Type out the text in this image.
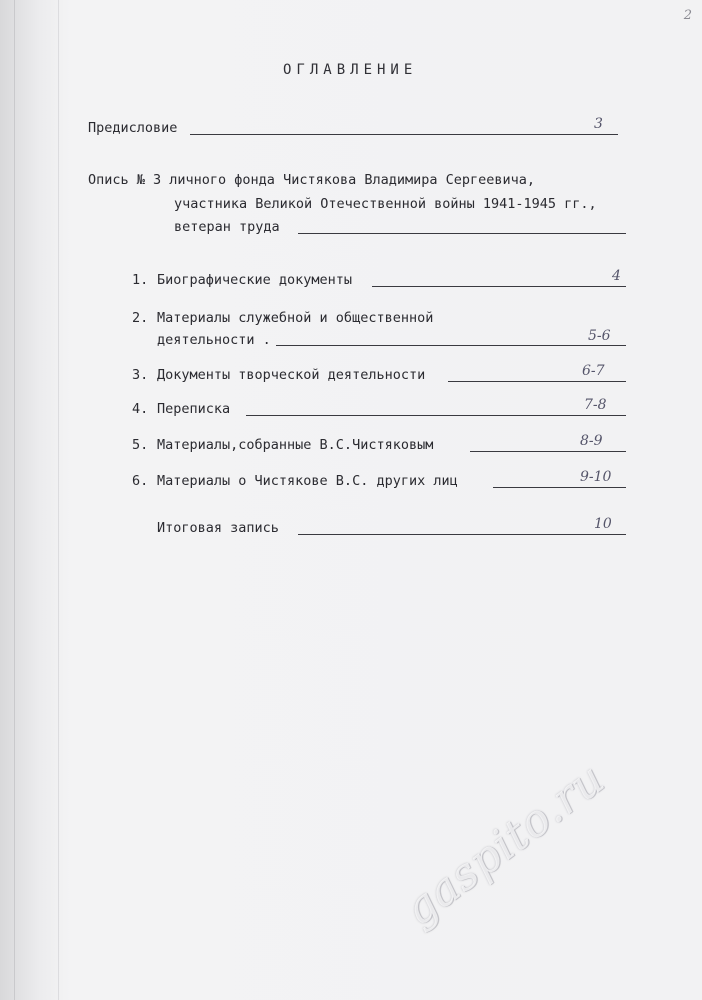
2
ОГЛАВЛЕНИЕ
Предисловие	3
Опись № 3 личного фонда Чистякова Владимира Сергеевича,
участника Великой Отечественной войны 1941-1945 гг.,
ветеран труда
1. Биографические документы	4
2. Материалы служебной и общественной
деятельности .	5-6
3. Документы творческой деятельности	6-7
4. Переписка	7-8
5. Материалы,собранные В.С.Чистяковым	8-9
6. Материалы о Чистякове В.С. других лиц	9-10
Итоговая запись	10
gaspito.ru
